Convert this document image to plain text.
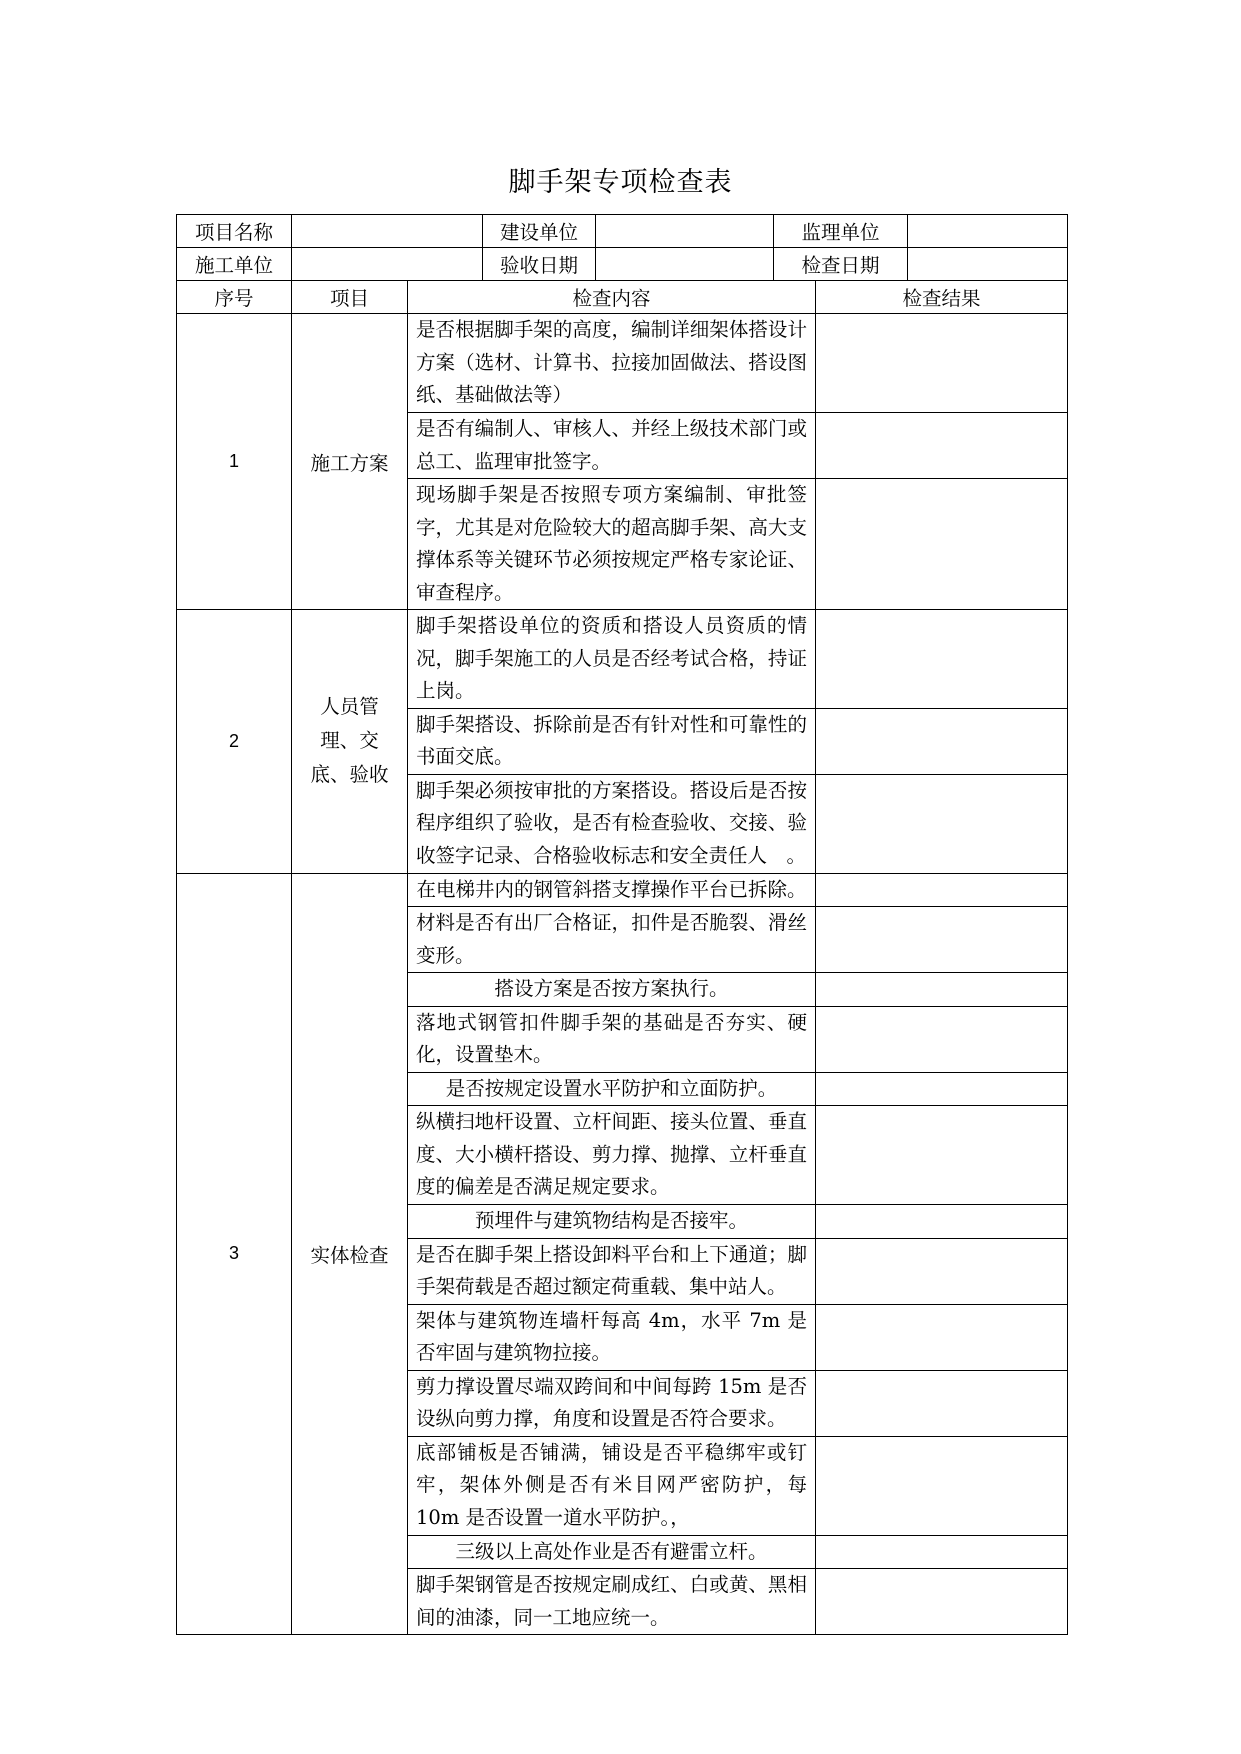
脚手架专项检查表
项目名称			建设单位		监理单位		
施工单位			验收日期		检查日期		
序号	项目	检查内容				检查结果	
1	施工方案	是否根据脚手架的高度，编制详细架体搭设计方案（选材、计算书、拉接加固做法、搭设图纸、基础做法等）					
		是否有编制人、审核人、并经上级技术部门或总工、监理审批签字。					
		现场脚手架是否按照专项方案编制、审批签字，尤其是对危险较大的超高脚手架、高大支撑体系等关键环节必须按规定严格专家论证、审查程序。					
2	人员管理、交底、验收	脚手架搭设单位的资质和搭设人员资质的情况，脚手架施工的人员是否经考试合格，持证上岗。					
		脚手架搭设、拆除前是否有针对性和可靠性的书面交底。					
		脚手架必须按审批的方案搭设。搭设后是否按程序组织了验收，是否有检查验收、交接、验收签字记录、合格验收标志和安全责任人　。					
3	实体检查	在电梯井内的钢管斜搭支撑操作平台已拆除。					
		材料是否有出厂合格证，扣件是否脆裂、滑丝变形。					
		搭设方案是否按方案执行。					
		落地式钢管扣件脚手架的基础是否夯实、硬化，设置垫木。					
		是否按规定设置水平防护和立面防护。					
		纵横扫地杆设置、立杆间距、接头位置、垂直度、大小横杆搭设、剪力撑、抛撑、立杆垂直度的偏差是否满足规定要求。					
		预埋件与建筑物结构是否接牢。					
		是否在脚手架上搭设卸料平台和上下通道；脚手架荷载是否超过额定荷重载、集中站人。					
		架体与建筑物连墙杆每高 4m，水平 7m 是否牢固与建筑物拉接。					
		剪力撑设置尽端双跨间和中间每跨 15m 是否设纵向剪力撑，角度和设置是否符合要求。					
		底部铺板是否铺满，铺设是否平稳绑牢或钉牢，架体外侧是否有米目网严密防护，每 10m 是否设置一道水平防护。，					
		三级以上高处作业是否有避雷立杆。					
		脚手架钢管是否按规定刷成红、白或黄、黑相间的油漆，同一工地应统一。					
